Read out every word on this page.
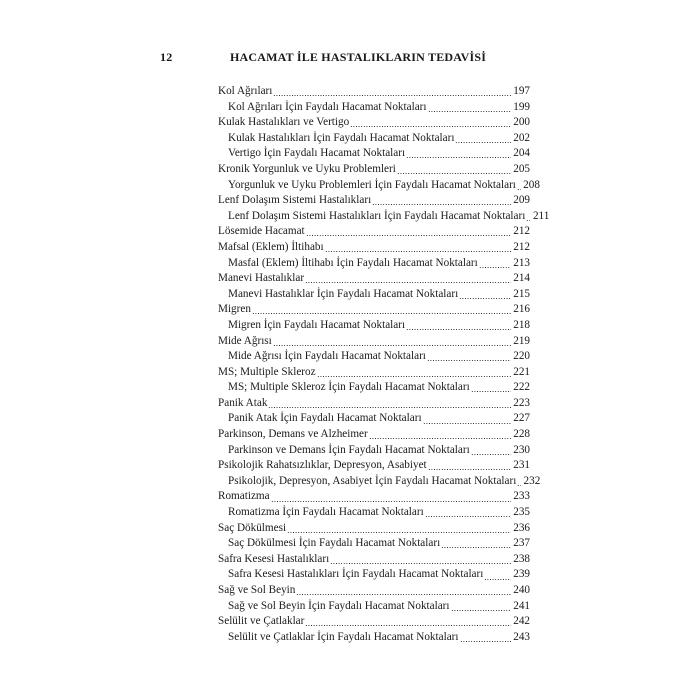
12	HACAMAT İLE HASTALIKLARIN TEDAVİSİ
Kol Ağrıları	197
Kol Ağrıları İçin Faydalı Hacamat Noktaları	199
Kulak Hastalıkları ve Vertigo	200
Kulak Hastalıkları İçin Faydalı Hacamat Noktaları	202
Vertigo İçin Faydalı Hacamat Noktaları	204
Kronik Yorgunluk ve Uyku Problemleri	205
Yorgunluk ve Uyku Problemleri İçin Faydalı Hacamat Noktaları 208
Lenf Dolaşım Sistemi Hastalıkları	209
Lenf Dolaşım Sistemi Hastalıkları İçin Faydalı Hacamat Noktaları 211
Lösemide Hacamat	212
Mafsal (Eklem) İltihabı	212
Masfal (Eklem) İltihabı İçin Faydalı Hacamat Noktaları	213
Manevi Hastalıklar	214
Manevi Hastalıklar İçin Faydalı Hacamat Noktaları	215
Migren	216
Migren İçin Faydalı Hacamat Noktaları	218
Mide Ağrısı	219
Mide Ağrısı İçin Faydalı Hacamat Noktaları	220
MS; Multiple Skleroz	221
MS; Multiple Skleroz İçin Faydalı Hacamat Noktaları	222
Panik Atak	223
Panik Atak İçin Faydalı Hacamat Noktaları	227
Parkinson, Demans ve Alzheimer	228
Parkinson ve Demans İçin Faydalı Hacamat Noktaları	230
Psikolojik Rahatsızlıklar, Depresyon, Asabiyet	231
Psikolojik, Depresyon, Asabiyet İçin Faydalı Hacamat Noktaları 232
Romatizma	233
Romatizma İçin Faydalı Hacamat Noktaları	235
Saç Dökülmesi	236
Saç Dökülmesi İçin Faydalı Hacamat Noktaları	237
Safra Kesesi Hastalıkları	238
Safra Kesesi Hastalıkları İçin Faydalı Hacamat Noktaları	239
Sağ ve Sol Beyin	240
Sağ ve Sol Beyin İçin Faydalı Hacamat Noktaları	241
Selülit ve Çatlaklar	242
Selülit ve Çatlaklar İçin Faydalı Hacamat Noktaları	243
